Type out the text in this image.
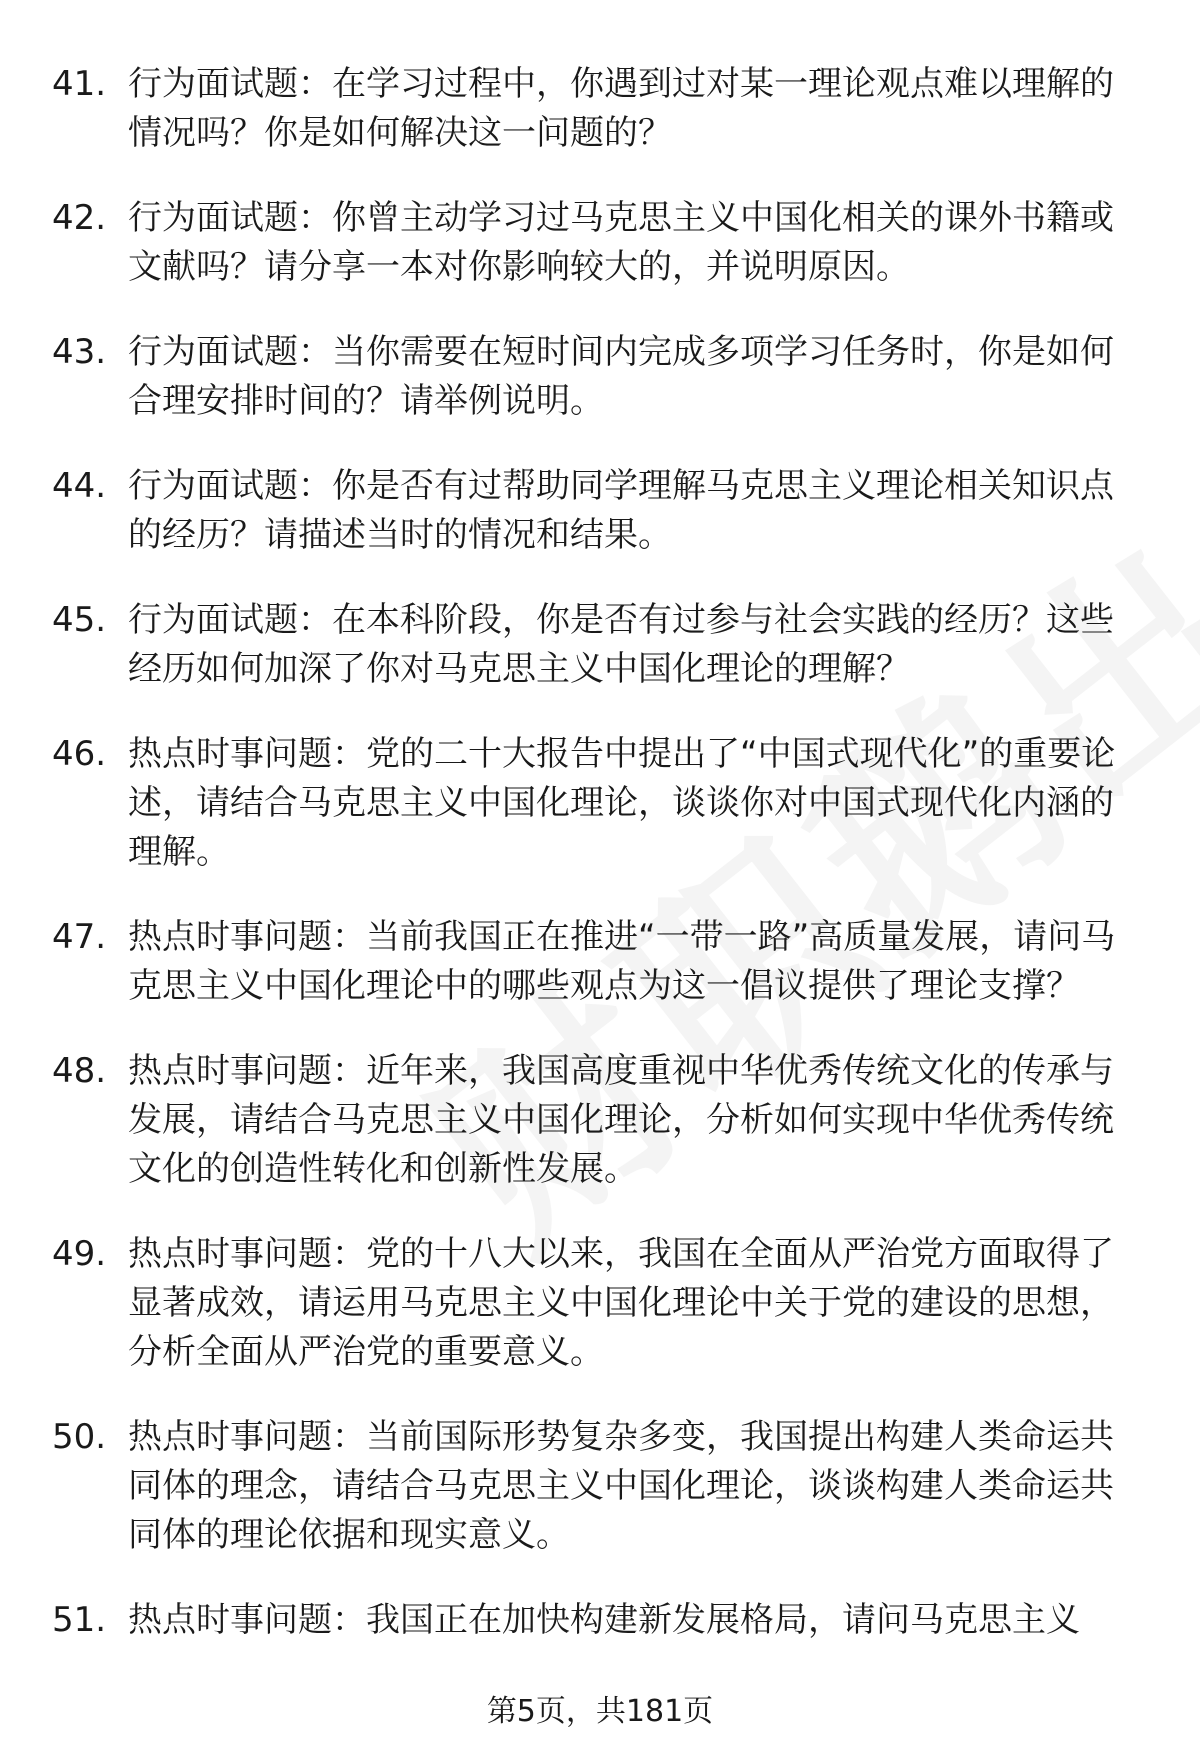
41. 行为面试题：在学习过程中，你遇到过对某一理论观点难以理解的情况吗？你是如何解决这一问题的？
42. 行为面试题：你曾主动学习过马克思主义中国化相关的课外书籍或文献吗？请分享一本对你影响较大的，并说明原因。
43. 行为面试题：当你需要在短时间内完成多项学习任务时，你是如何合理安排时间的？请举例说明。
44. 行为面试题：你是否有过帮助同学理解马克思主义理论相关知识点的经历？请描述当时的情况和结果。
45. 行为面试题：在本科阶段，你是否有过参与社会实践的经历？这些经历如何加深了你对马克思主义中国化理论的理解？
46. 热点时事问题：党的二十大报告中提出了“中国式现代化”的重要论述，请结合马克思主义中国化理论，谈谈你对中国式现代化内涵的理解。
47. 热点时事问题：当前我国正在推进“一带一路”高质量发展，请问马克思主义中国化理论中的哪些观点为这一倡议提供了理论支撑？
48. 热点时事问题：近年来，我国高度重视中华优秀传统文化的传承与发展，请结合马克思主义中国化理论，分析如何实现中华优秀传统文化的创造性转化和创新性发展。
49. 热点时事问题：党的十八大以来，我国在全面从严治党方面取得了显著成效，请运用马克思主义中国化理论中关于党的建设的思想，分析全面从严治党的重要意义。
50. 热点时事问题：当前国际形势复杂多变，我国提出构建人类命运共同体的理念，请结合马克思主义中国化理论，谈谈构建人类命运共同体的理论依据和现实意义。
51. 热点时事问题：我国正在加快构建新发展格局，请问马克思主义
第5页，共181页
